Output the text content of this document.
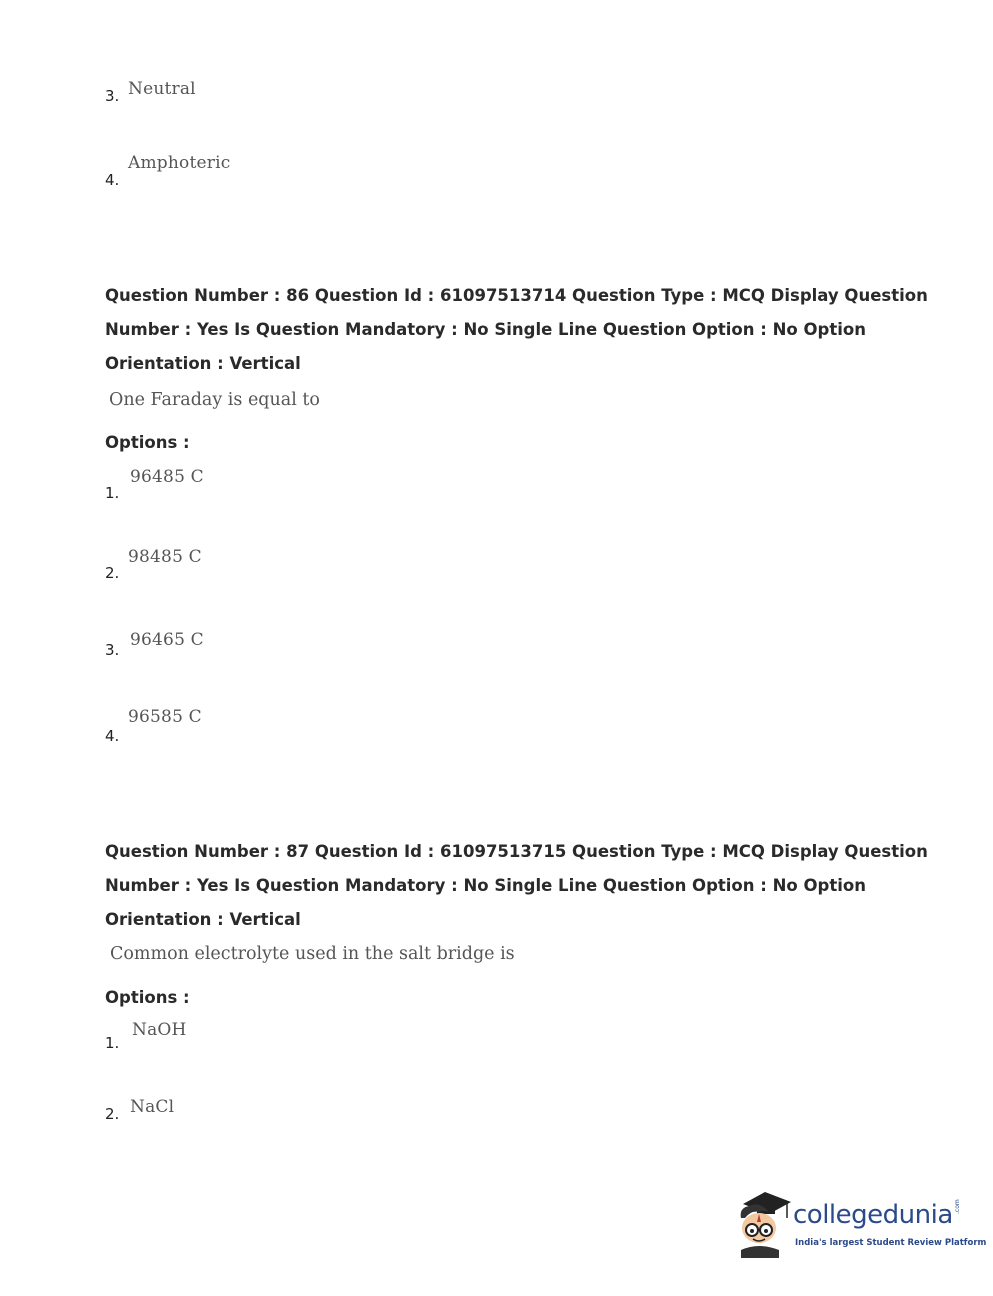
3. Neutral
4.
Amphoteric
Question Number : 86 Question Id : 61097513714 Question Type : MCQ Display Question
Number : Yes Is Question Mandatory : No Single Line Question Option : No Option
Orientation : Vertical
One Faraday is equal to
Options :
1.
96485 C
2.
98485 C
3. 96465 C
4.
96585 C
Question Number : 87 Question Id : 61097513715 Question Type : MCQ Display Question
Number : Yes Is Question Mandatory : No Single Line Question Option : No Option
Orientation : Vertical
Common electrolyte used in the salt bridge is
Options :
1.
NaOH
2. NaCl
collegedunia .com
India's largest Student Review Platform
